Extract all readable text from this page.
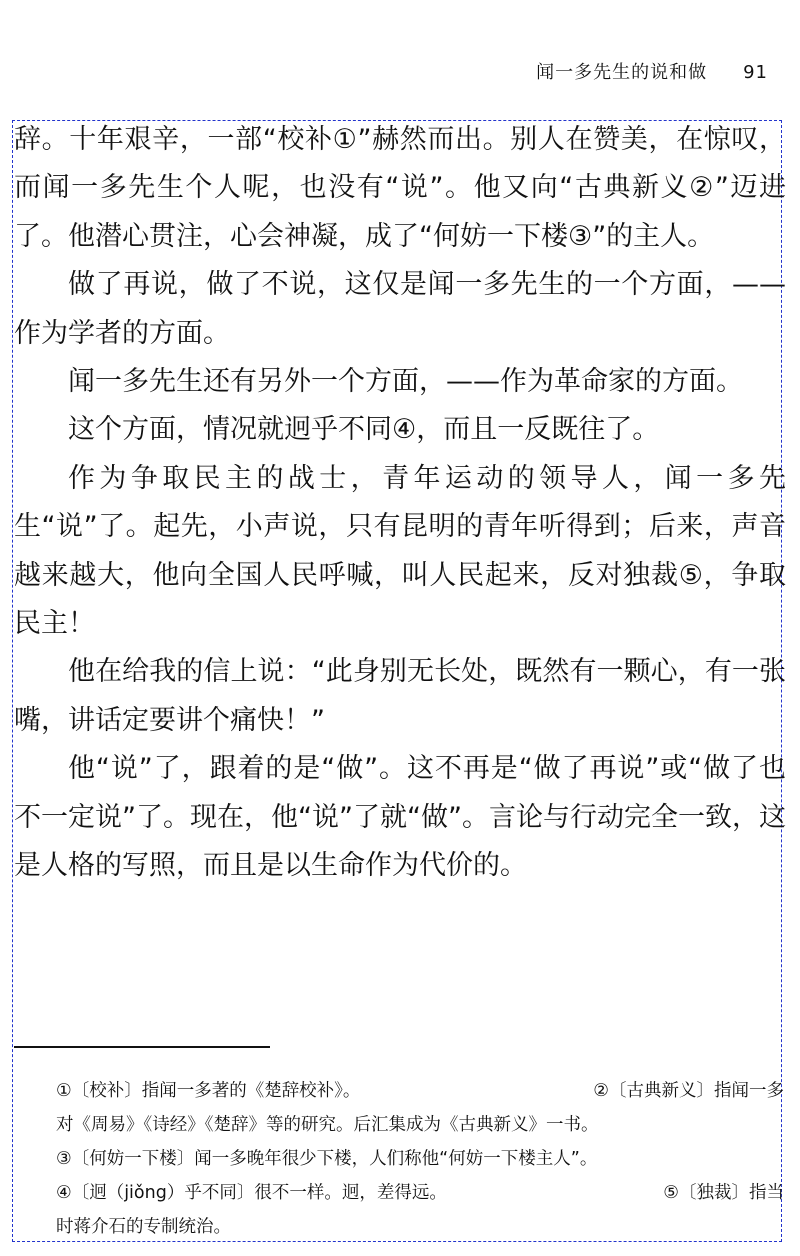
闻一多先生的说和做 91

辞。十年艰辛，一部“校补①”赫然而出。别人在赞美，在惊叹，而闻一多先生个人呢，也没有“说”。他又向“古典新义②”迈进了。他潜心贯注，心会神凝，成了“何妨一下楼③”的主人。

做了再说，做了不说，这仅是闻一多先生的一个方面，——作为学者的方面。

闻一多先生还有另外一个方面，——作为革命家的方面。

这个方面，情况就迥乎不同④，而且一反既往了。

作为争取民主的战士，青年运动的领导人，闻一多先生“说”了。起先，小声说，只有昆明的青年听得到；后来，声音越来越大，他向全国人民呼喊，叫人民起来，反对独裁⑤，争取民主！

他在给我的信上说：“此身别无长处，既然有一颗心，有一张嘴，讲话定要讲个痛快！”

他“说”了，跟着的是“做”。这不再是“做了再说”或“做了也不一定说”了。现在，他“说”了就“做”。言论与行动完全一致，这是人格的写照，而且是以生命作为代价的。

①〔校补〕指闻一多著的《楚辞校补》。	②〔古典新义〕指闻一多
对《周易》《诗经》《楚辞》等的研究。后汇集成为《古典新义》一书。
③〔何妨一下楼〕闻一多晚年很少下楼，人们称他“何妨一下楼主人”。
④〔迥（jiǒng）乎不同〕很不一样。迥，差得远。	⑤〔独裁〕指当
时蒋介石的专制统治。
